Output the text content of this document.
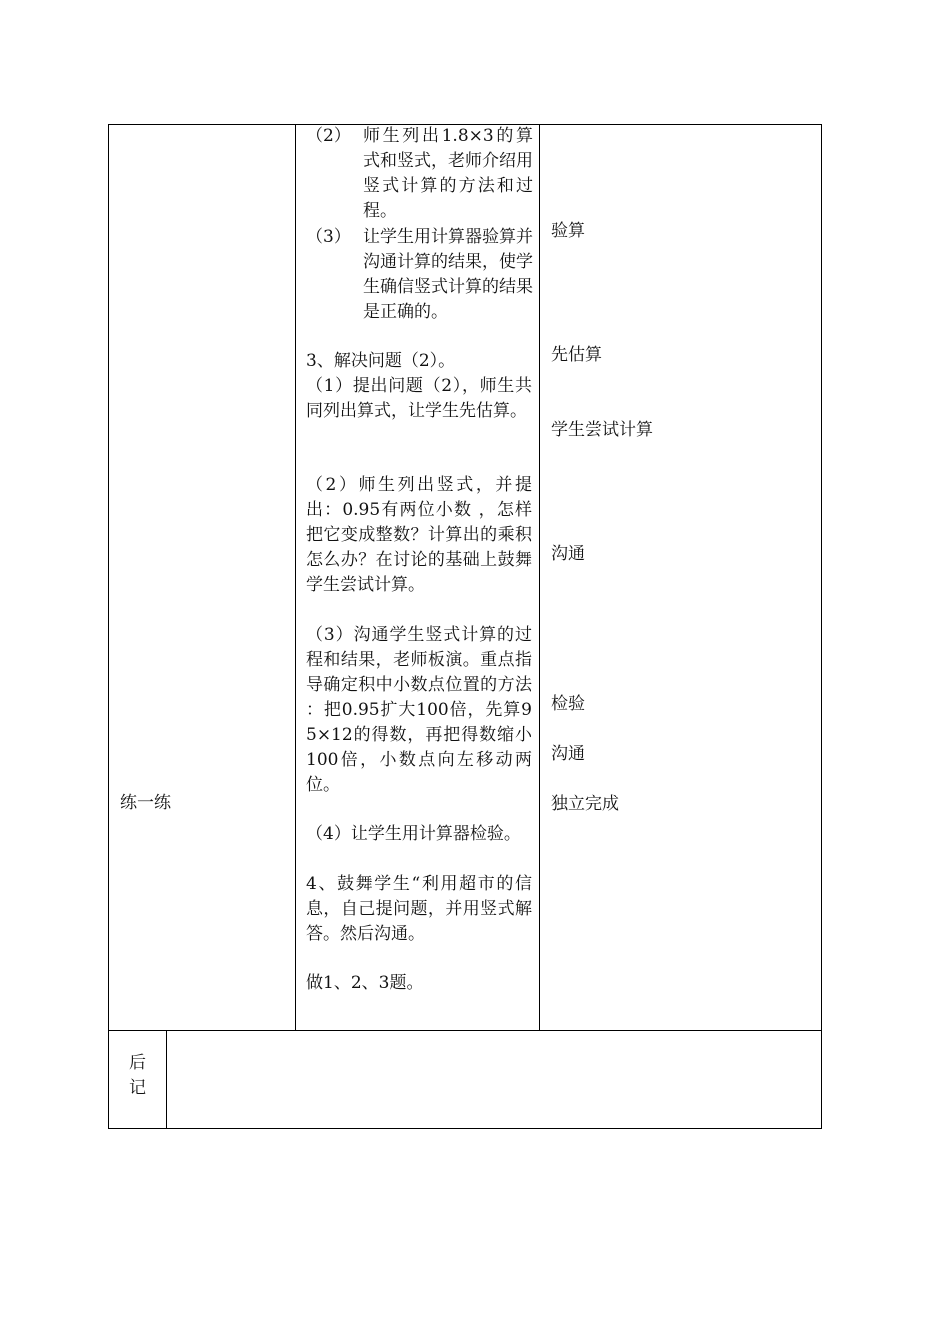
练一练
（2） 师生列出1.8×3的算式和竖式，老师介绍用竖式计算的方法和过程。
（3） 让学生用计算器验算并沟通计算的结果，使学生确信竖式计算的结果是正确的。
3、解决问题（2）。
（1）提出问题（2），师生共同列出算式，让学生先估算。
（2）师生列出竖式，并提出：0.95有两位小数 ，怎样把它变成整数？计算出的乘积怎么办？在讨论的基础上鼓舞学生尝试计算。
（3）沟通学生竖式计算的过程和结果，老师板演。重点指导确定积中小数点位置的方法 ：把0.95扩大100倍，先算95×12的得数，再把得数缩小100倍，小数点向左移动两位。
（4）让学生用计算器检验。
4、鼓舞学生“利用超市的信息，自己提问题，并用竖式解答。然后沟通。
做1、2、3题。
验算
先估算
学生尝试计算
沟通
检验
沟通
独立完成
后
记
